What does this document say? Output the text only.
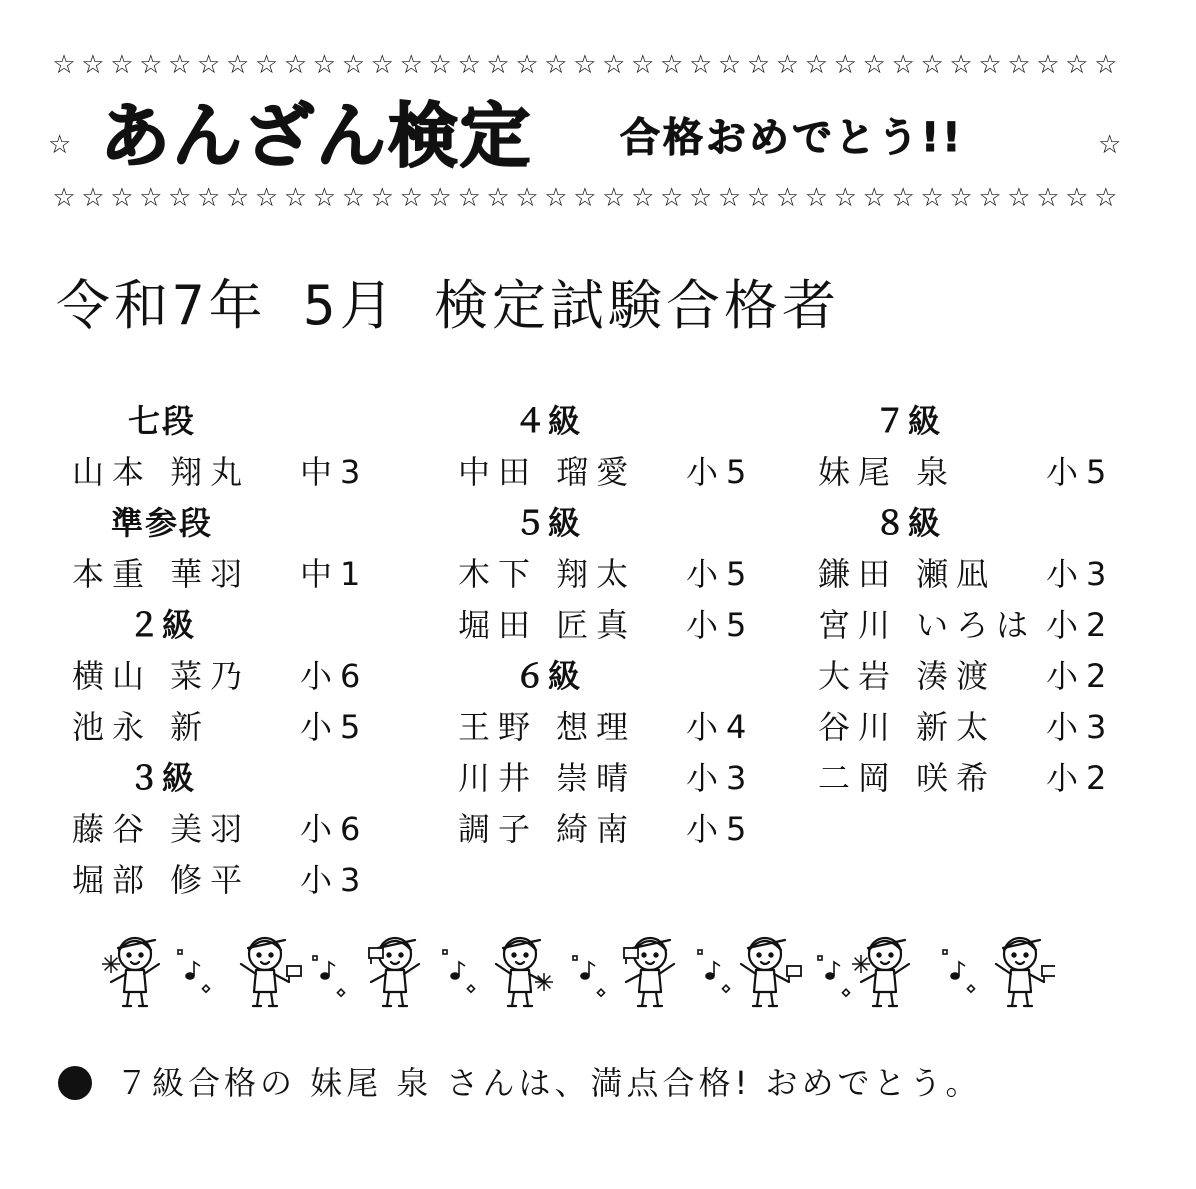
☆ ☆ ☆ ☆ ☆ ☆ ☆ ☆ ☆ ☆ ☆ ☆ ☆ ☆ ☆ ☆ ☆ ☆ ☆ ☆ ☆ ☆ ☆ ☆ ☆ ☆ ☆ ☆ ☆ ☆ ☆ ☆ ☆ ☆ ☆ ☆ ☆
☆ あんざん検定 合格おめでとう!!	☆
☆ ☆ ☆ ☆ ☆ ☆ ☆ ☆ ☆ ☆ ☆ ☆ ☆ ☆ ☆ ☆ ☆ ☆ ☆ ☆ ☆ ☆ ☆ ☆ ☆ ☆ ☆ ☆ ☆ ☆ ☆ ☆ ☆ ☆ ☆ ☆ ☆
令和7年 5月 検定試験合格者
七段
山本 翔丸 中3
準参段
本重 華羽 中1
２級
横山 菜乃 小6
池永 新	小5
３級
藤谷 美羽 小6
堀部 修平 小3
４級
中田 瑠愛 小5
５級
木下 翔太 小5
堀田 匠真 小5
６級
王野 想理 小4
川井 崇晴 小3
調子 綺南 小5
７級
妹尾 泉	小5
８級
鎌田 瀬凪 小3
宮川 いろは 小2
大岩 湊渡 小2
谷川 新太 小3
二岡 咲希 小2
７級合格の 妹尾 泉 さんは、満点合格! おめでとう。
